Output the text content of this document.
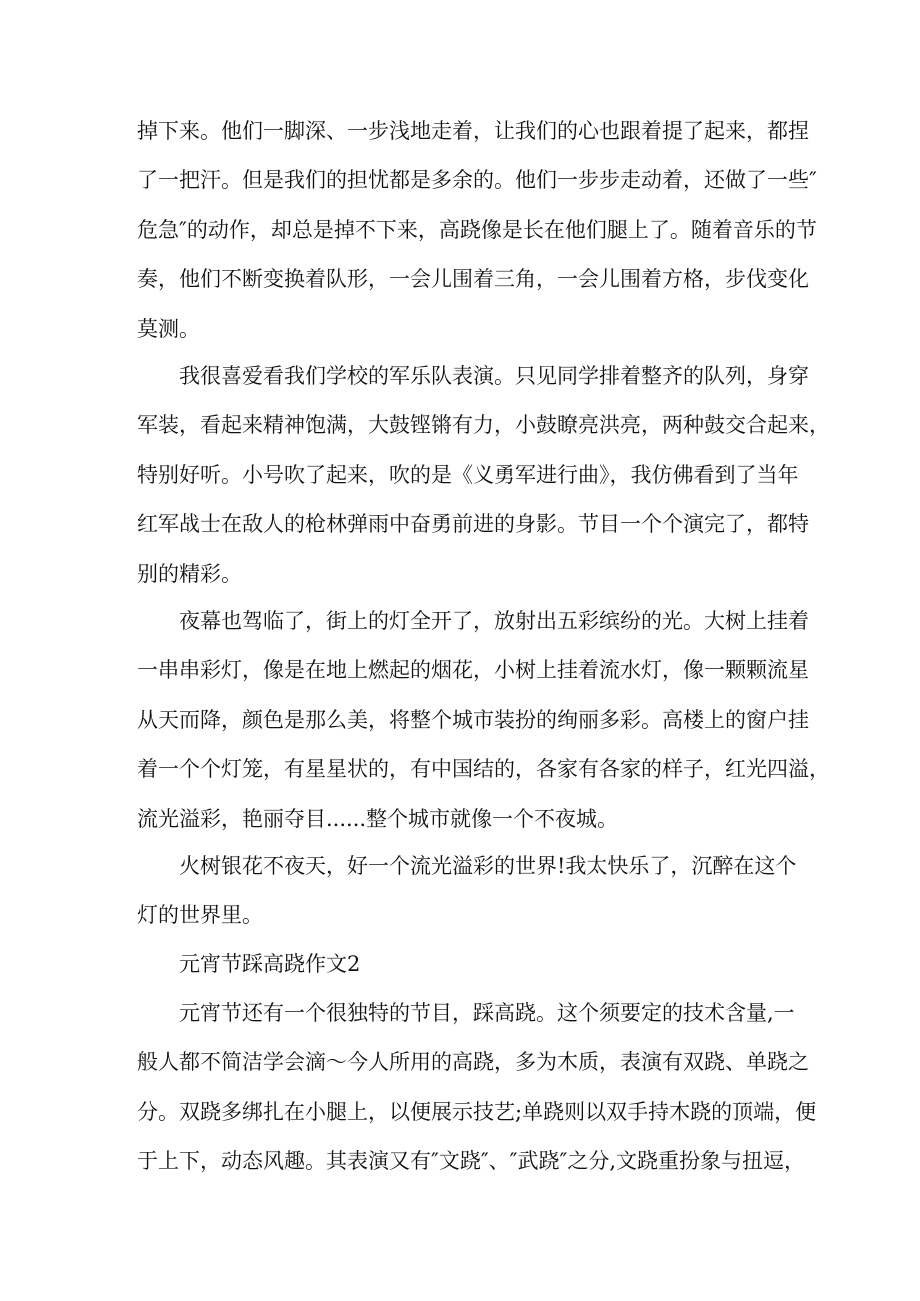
掉下来。他们一脚深、一步浅地走着，让我们的心也跟着提了起来，都捏

了一把汗。但是我们的担忧都是多余的。他们一步步走动着，还做了一些″

危急″的动作，却总是掉不下来，高跷像是长在他们腿上了。随着音乐的节

奏，他们不断变换着队形，一会儿围着三角，一会儿围着方格，步伐变化

莫测。

我很喜爱看我们学校的军乐队表演。只见同学排着整齐的队列，身穿

军装，看起来精神饱满，大鼓铿锵有力，小鼓瞭亮洪亮，两种鼓交合起来，

特别好听。小号吹了起来，吹的是《义勇军进行曲》，我仿佛看到了当年

红军战士在敌人的枪林弹雨中奋勇前进的身影。节目一个个演完了，都特

别的精彩。

夜幕也驾临了，街上的灯全开了，放射出五彩缤纷的光。大树上挂着

一串串彩灯，像是在地上燃起的烟花，小树上挂着流水灯，像一颗颗流星

从天而降，颜色是那么美，将整个城市装扮的绚丽多彩。高楼上的窗户挂

着一个个灯笼，有星星状的，有中国结的，各家有各家的样子，红光四溢，

流光溢彩，艳丽夺目......整个城市就像一个不夜城。

火树银花不夜天，好一个流光溢彩的世界!我太快乐了，沉醉在这个

灯的世界里。

元宵节踩高跷作文2

元宵节还有一个很独特的节目，踩高跷。这个须要定的技术含量,一

般人都不简洁学会滴～今人所用的高跷，多为木质，表演有双跷、单跷之

分。双跷多绑扎在小腿上，以便展示技艺;单跷则以双手持木跷的顶端，便

于上下，动态风趣。其表演又有″文跷″、″武跷″之分,文跷重扮象与扭逗，
